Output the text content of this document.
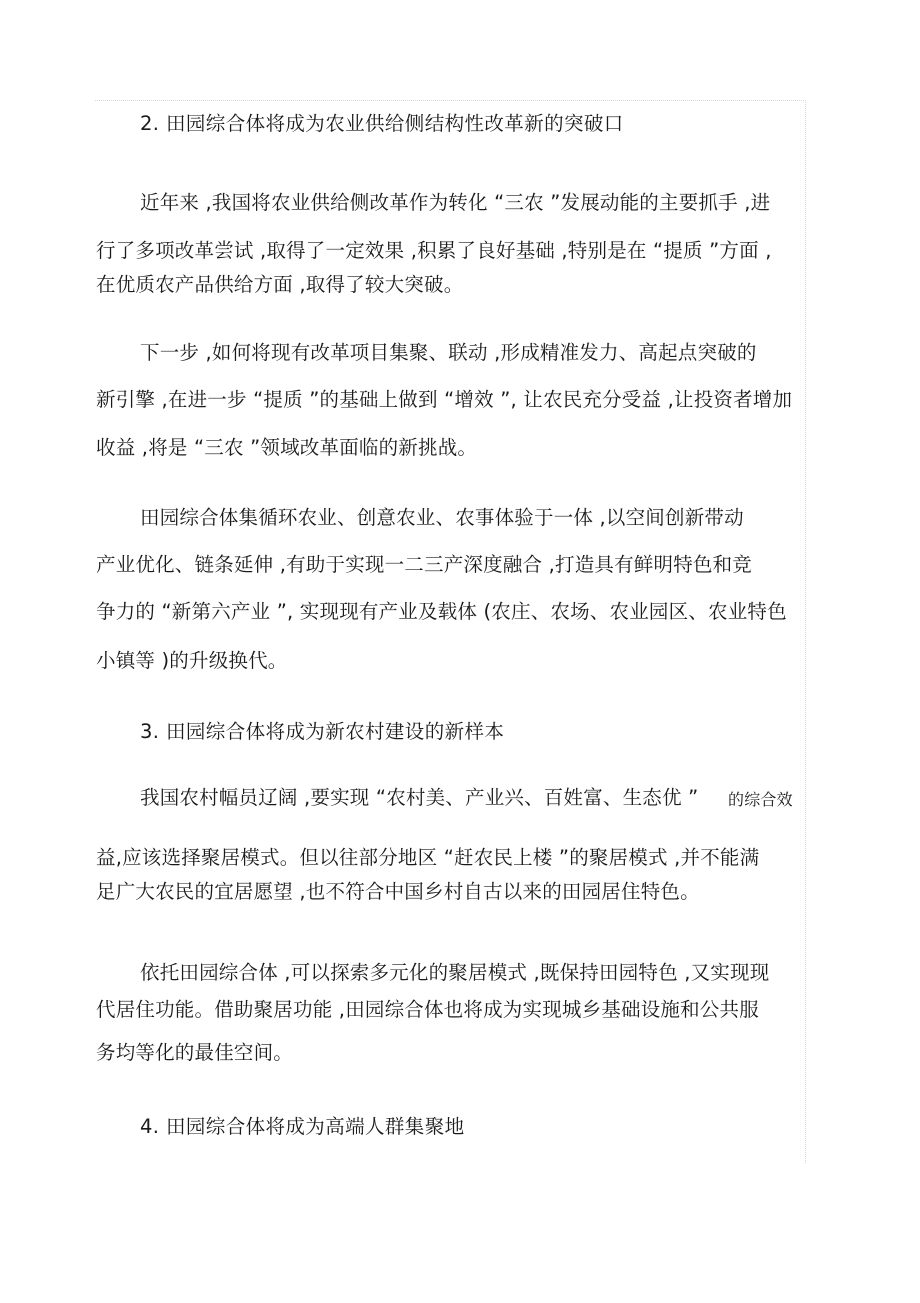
2. 田园综合体将成为农业供给侧结构性改革新的突破口
近年来 ,我国将农业供给侧改革作为转化 “三农 ”发展动能的主要抓手 ,进
行了多项改革尝试 ,取得了一定效果 ,积累了良好基础 ,特别是在 “提质 ”方面 ,
在优质农产品供给方面 ,取得了较大突破。
下一步 ,如何将现有改革项目集聚、联动 ,形成精准发力、高起点突破的
新引擎 ,在进一步 “提质 ”的基础上做到 “增效 ”, 让农民充分受益 ,让投资者增加
收益 ,将是 “三农 ”领域改革面临的新挑战。
田园综合体集循环农业、创意农业、农事体验于一体 ,以空间创新带动
产业优化、链条延伸 ,有助于实现一二三产深度融合 ,打造具有鲜明特色和竞
争力的 “新第六产业 ”, 实现现有产业及载体 (农庄、农场、农业园区、农业特色
小镇等 )的升级换代。
3. 田园综合体将成为新农村建设的新样本
我国农村幅员辽阔 ,要实现 “农村美、产业兴、百姓富、生态优 ” 的综合效
益,应该选择聚居模式。但以往部分地区 “赶农民上楼 ”的聚居模式 ,并不能满
足广大农民的宜居愿望 ,也不符合中国乡村自古以来的田园居住特色。
依托田园综合体 ,可以探索多元化的聚居模式 ,既保持田园特色 ,又实现现
代居住功能。借助聚居功能 ,田园综合体也将成为实现城乡基础设施和公共服
务均等化的最佳空间。
4. 田园综合体将成为高端人群集聚地
